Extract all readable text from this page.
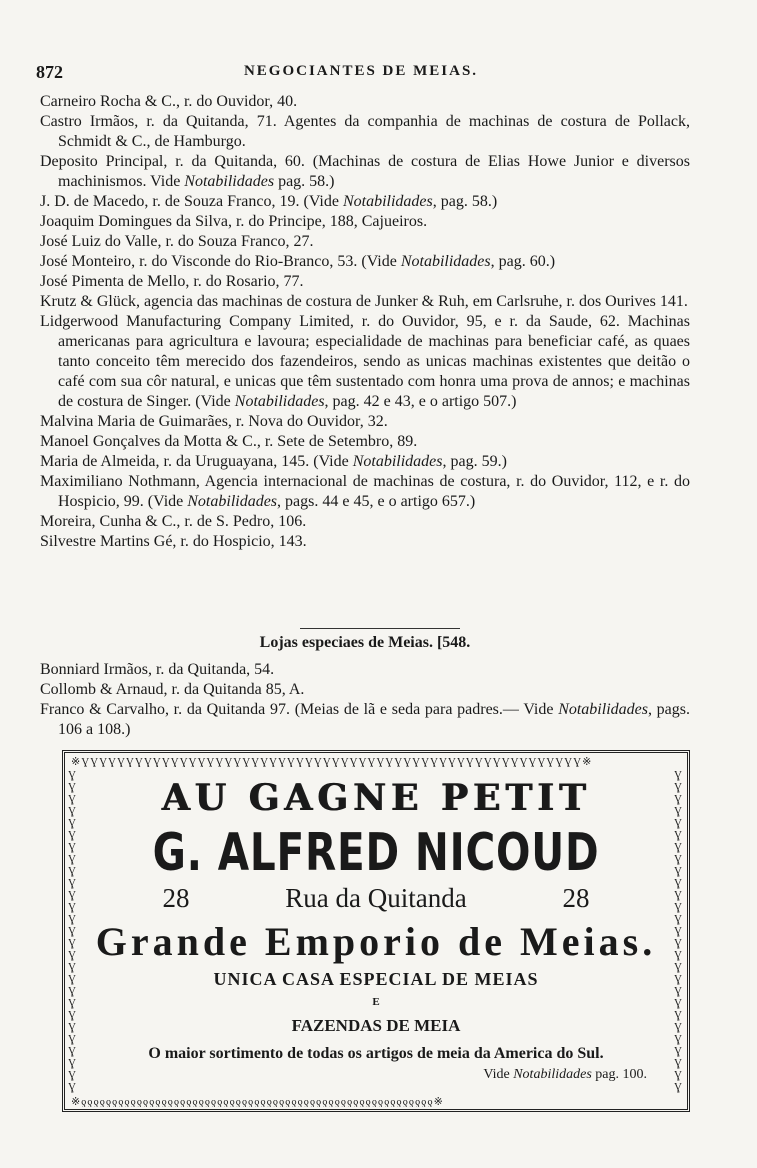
872	NEGOCIANTES DE MEIAS.

Carneiro Rocha & C., r. do Ouvidor, 40.

Castro Irmãos, r. da Quitanda, 71. Agentes da companhia de machinas de costura de Pollack, Schmidt & C., de Hamburgo.

Deposito Principal, r. da Quitanda, 60. (Machinas de costura de Elias Howe Junior e diversos machinismos. Vide Notabilidades pag. 58.)

J. D. de Macedo, r. de Souza Franco, 19. (Vide Notabilidades, pag. 58.)

Joaquim Domingues da Silva, r. do Principe, 188, Cajueiros.

José Luiz do Valle, r. do Souza Franco, 27.

José Monteiro, r. do Visconde do Rio-Branco, 53. (Vide Notabilidades, pag. 60.)

José Pimenta de Mello, r. do Rosario, 77.

Krutz & Glück, agencia das machinas de costura de Junker & Ruh, em Carlsruhe, r. dos Ourives 141.

Lidgerwood Manufacturing Company Limited, r. do Ouvidor, 95, e r. da Saude, 62. Machinas americanas para agricultura e lavoura; especialidade de machinas para beneficiar café, as quaes tanto conceito têm merecido dos fazendeiros, sendo as unicas machinas existentes que deitão o café com sua côr natural, e unicas que têm sustentado com honra uma prova de annos; e machinas de costura de Singer. (Vide Notabilidades, pag. 42 e 43, e o artigo 507.)

Malvina Maria de Guimarães, r. Nova do Ouvidor, 32.

Manoel Gonçalves da Motta & C., r. Sete de Setembro, 89.

Maria de Almeida, r. da Uruguayana, 145. (Vide Notabilidades, pag. 59.)

Maximiliano Nothmann, Agencia internacional de machinas de costura, r. do Ouvidor, 112, e r. do Hospicio, 99. (Vide Notabilidades, pags. 44 e 45, e o artigo 657.)

Moreira, Cunha & C., r. de S. Pedro, 106.

Silvestre Martins Gé, r. do Hospicio, 143.

Lojas especiaes de Meias. [548.

Bonniard Irmãos, r. da Quitanda, 54.

Collomb & Arnaud, r. da Quitanda 85, A.

Franco & Carvalho, r. da Quitanda 97. (Meias de lã e seda para padres.— Vide Notabilidades, pags. 106 a 108.)

※ƔƔƔƔƔƔƔƔƔƔƔƔƔƔƔƔƔƔƔƔƔƔƔƔƔƔƔƔƔƔƔƔƔƔƔƔƔƔƔƔƔƔƔƔƔƔƔƔƔƔƔƔƔƔƔƔ※
※ƍƍƍƍƍƍƍƍƍƍƍƍƍƍƍƍƍƍƍƍƍƍƍƍƍƍƍƍƍƍƍƍƍƍƍƍƍƍƍƍƍƍƍƍƍƍƍƍƍƍƍƍƍƍƍƍƍ※
ƔƔƔƔƔƔƔƔƔƔƔƔƔƔƔƔƔƔƔƔƔƔƔƔƔƔƔ
ƔƔƔƔƔƔƔƔƔƔƔƔƔƔƔƔƔƔƔƔƔƔƔƔƔƔƔ
AU GAGNE PETIT
G. ALFRED NICOUD
28	Rua da Quitanda	28
Grande Emporio de Meias.
UNICA CASA ESPECIAL DE MEIAS
E
FAZENDAS DE MEIA
O maior sortimento de todas os artigos de meia da America do Sul.
Vide Notabilidades pag. 100.
